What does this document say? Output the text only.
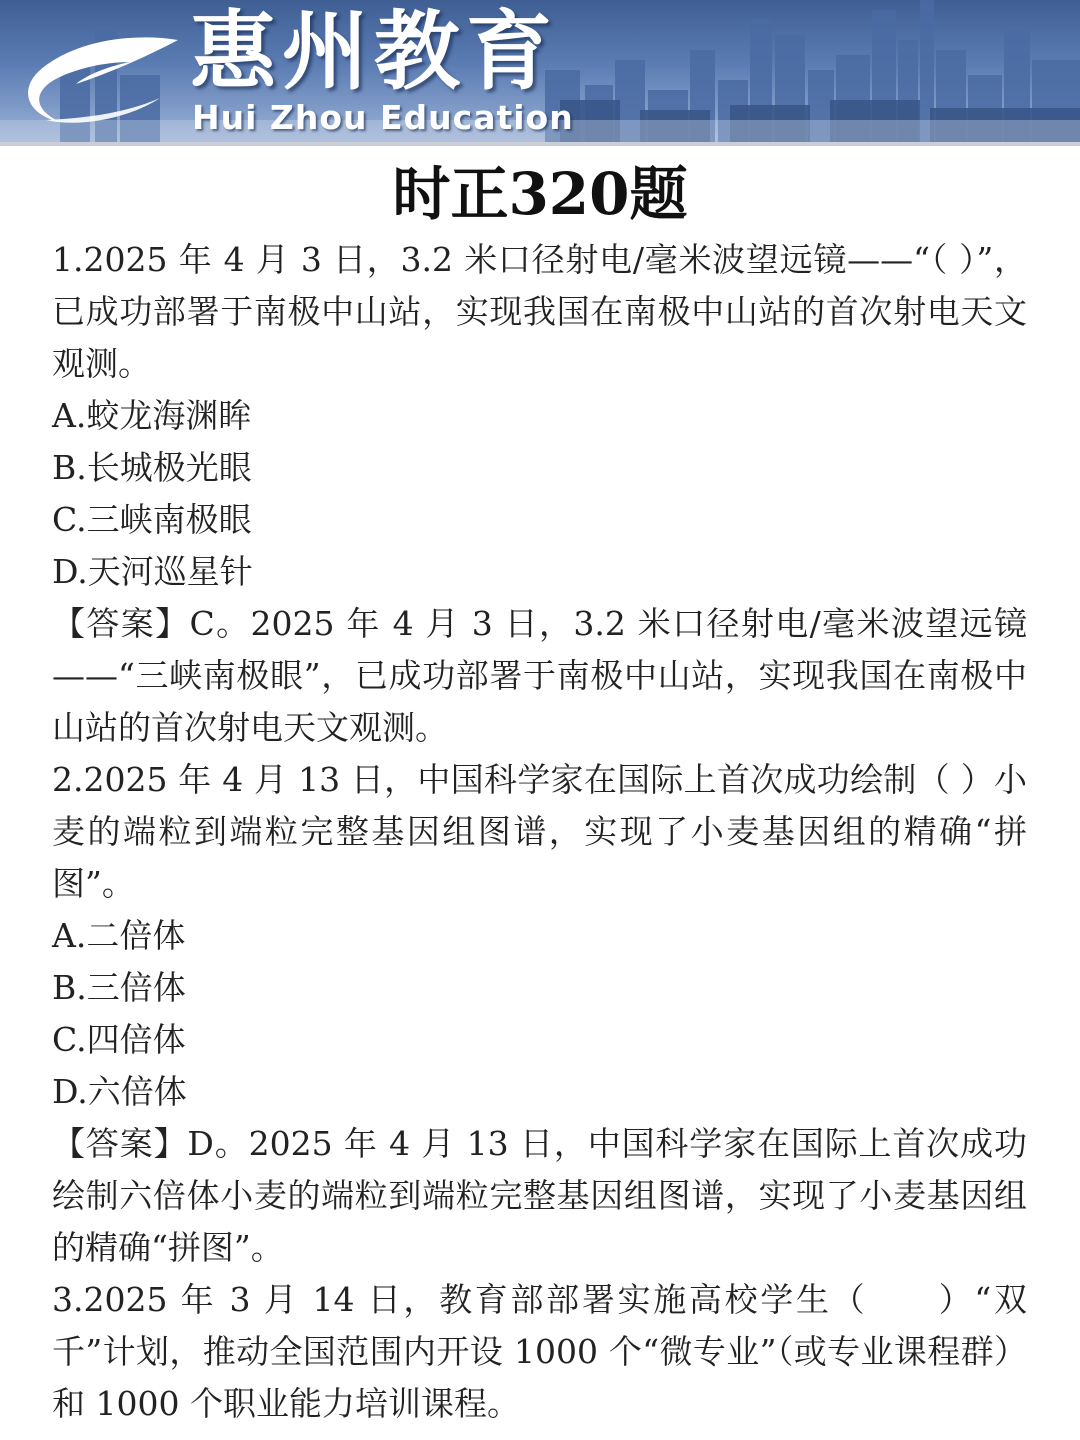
惠州教育
Hui Zhou Education
时正320题

1.2025 年 4 月 3 日，3.2 米口径射电/毫米波望远镜——“（ ）”，已成功部署于南极中山站，实现我国在南极中山站的首次射电天文观测。

A.蛟龙海渊眸

B.长城极光眼

C.三峡南极眼

D.天河巡星针

【答案】C。2025 年 4 月 3 日，3.2 米口径射电/毫米波望远镜——“三峡南极眼”，已成功部署于南极中山站，实现我国在南极中山站的首次射电天文观测。

2.2025 年 4 月 13 日，中国科学家在国际上首次成功绘制（ ）小麦的端粒到端粒完整基因组图谱，实现了小麦基因组的精确“拼图”。

A.二倍体

B.三倍体

C.四倍体

D.六倍体

【答案】D。2025 年 4 月 13 日，中国科学家在国际上首次成功绘制六倍体小麦的端粒到端粒完整基因组图谱，实现了小麦基因组的精确“拼图”。

3.2025 年 3 月 14 日，教育部部署实施高校学生（　　）“双千”计划，推动全国范围内开设 1000 个“微专业”（或专业课程群）和 1000 个职业能力培训课程。
